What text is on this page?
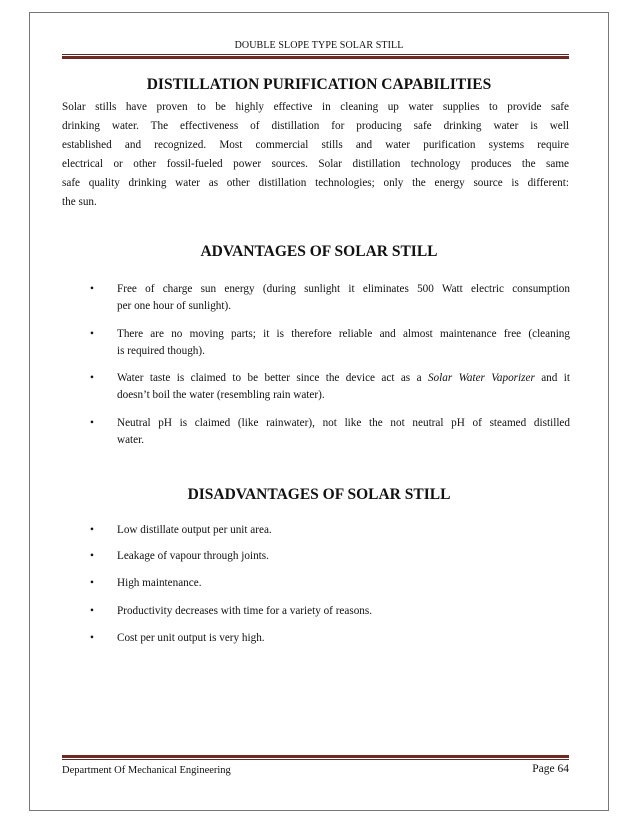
DOUBLE SLOPE TYPE SOLAR STILL
DISTILLATION PURIFICATION CAPABILITIES
Solar stills have proven to be highly effective in cleaning up water supplies to provide safe
drinking water. The effectiveness of distillation for producing safe drinking water is well
established and recognized. Most commercial stills and water purification systems require
electrical or other fossil-fueled power sources. Solar distillation technology produces the same
safe quality drinking water as other distillation technologies; only the energy source is different:
the sun.
ADVANTAGES OF SOLAR STILL
• Free of charge sun energy (during sunlight it eliminates 500 Watt electric consumption
per one hour of sunlight).
• There are no moving parts; it is therefore reliable and almost maintenance free (cleaning
is required though).
• Water taste is claimed to be better since the device act as a Solar Water Vaporizer and it
doesn’t boil the water (resembling rain water).
• Neutral pH is claimed (like rainwater), not like the not neutral pH of steamed distilled
water.
DISADVANTAGES OF SOLAR STILL
• Low distillate output per unit area.
• Leakage of vapour through joints.
• High maintenance.
• Productivity decreases with time for a variety of reasons.
• Cost per unit output is very high.
Department Of Mechanical Engineering	Page 64
